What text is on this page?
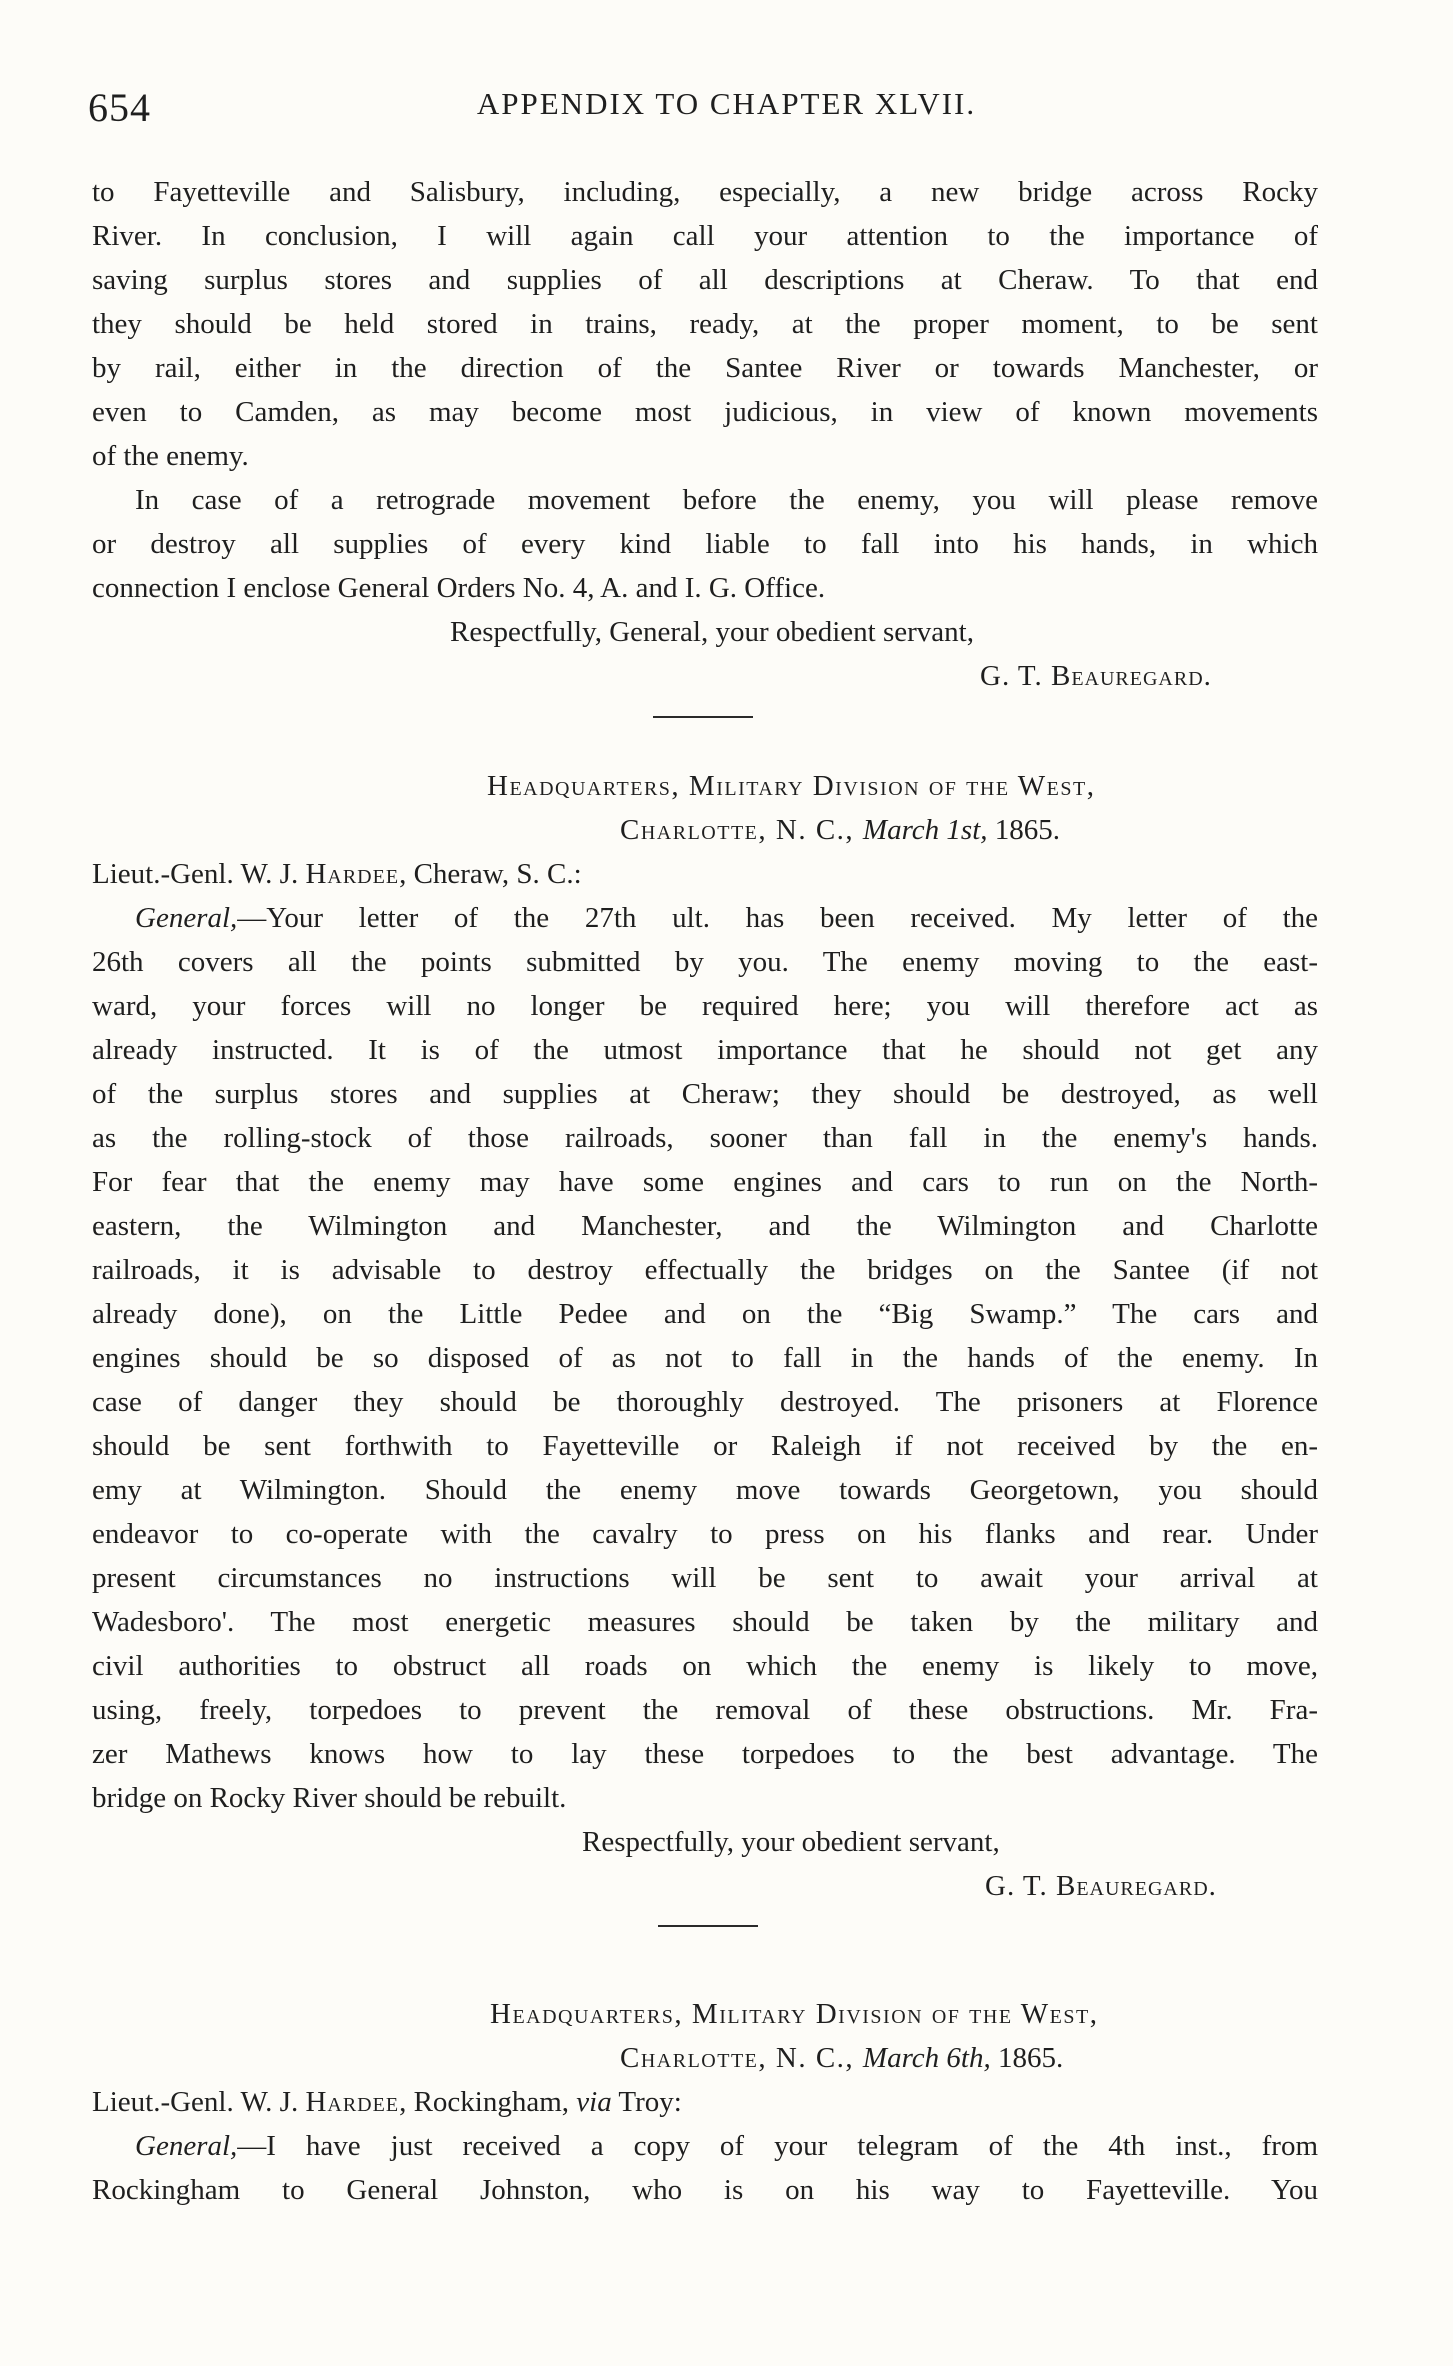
654	APPENDIX TO CHAPTER XLVII.
to Fayetteville and Salisbury, including, especially, a new bridge across Rocky
River. In conclusion, I will again call your attention to the importance of
saving surplus stores and supplies of all descriptions at Cheraw. To that end
they should be held stored in trains, ready, at the proper moment, to be sent
by rail, either in the direction of the Santee River or towards Manchester, or
even to Camden, as may become most judicious, in view of known movements
of the enemy.
In case of a retrograde movement before the enemy, you will please remove
or destroy all supplies of every kind liable to fall into his hands, in which
connection I enclose General Orders No. 4, A. and I. G. Office.
Respectfully, General, your obedient servant,
G. T. Beauregard.
Headquarters, Military Division of the West,
Charlotte, N. C., March 1st, 1865.
Lieut.-Genl. W. J. Hardee, Cheraw, S. C.:
General,—Your letter of the 27th ult. has been received. My letter of the
26th covers all the points submitted by you. The enemy moving to the east-
ward, your forces will no longer be required here; you will therefore act as
already instructed. It is of the utmost importance that he should not get any
of the surplus stores and supplies at Cheraw; they should be destroyed, as well
as the rolling-stock of those railroads, sooner than fall in the enemy's hands.
For fear that the enemy may have some engines and cars to run on the North-
eastern, the Wilmington and Manchester, and the Wilmington and Charlotte
railroads, it is advisable to destroy effectually the bridges on the Santee (if not
already done), on the Little Pedee and on the “Big Swamp.” The cars and
engines should be so disposed of as not to fall in the hands of the enemy. In
case of danger they should be thoroughly destroyed. The prisoners at Florence
should be sent forthwith to Fayetteville or Raleigh if not received by the en-
emy at Wilmington. Should the enemy move towards Georgetown, you should
endeavor to co-operate with the cavalry to press on his flanks and rear. Under
present circumstances no instructions will be sent to await your arrival at
Wadesboro'. The most energetic measures should be taken by the military and
civil authorities to obstruct all roads on which the enemy is likely to move,
using, freely, torpedoes to prevent the removal of these obstructions. Mr. Fra-
zer Mathews knows how to lay these torpedoes to the best advantage. The
bridge on Rocky River should be rebuilt.
Respectfully, your obedient servant,
G. T. Beauregard.
Headquarters, Military Division of the West,
Charlotte, N. C., March 6th, 1865.
Lieut.-Genl. W. J. Hardee, Rockingham, via Troy:
General,—I have just received a copy of your telegram of the 4th inst., from
Rockingham to General Johnston, who is on his way to Fayetteville. You
